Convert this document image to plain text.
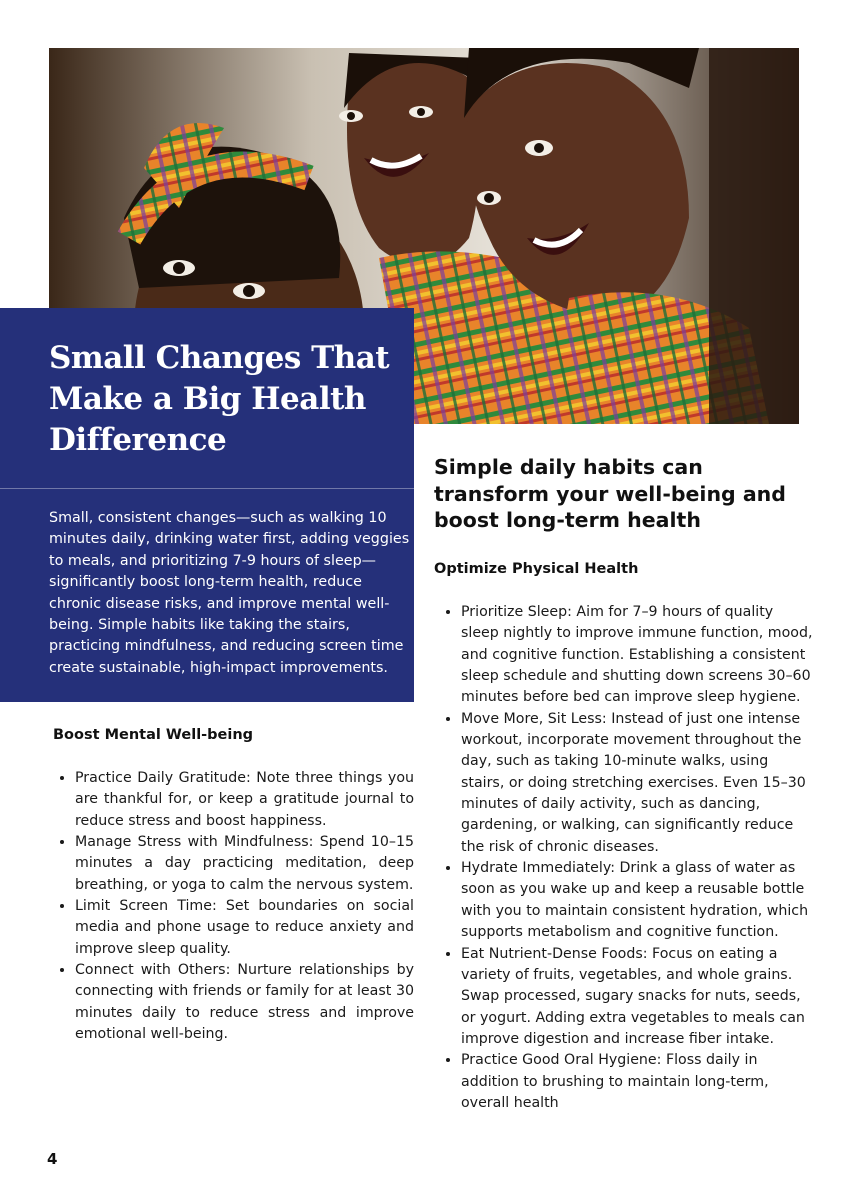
Small Changes That Make a Big Health Difference

Small, consistent changes—such as walking 10 minutes daily, drinking water first, adding veggies to meals, and prioritizing 7-9 hours of sleep—significantly boost long-term health, reduce chronic disease risks, and improve mental well-being. Simple habits like taking the stairs, practicing mindfulness, and reducing screen time create sustainable, high-impact improvements.

Simple daily habits can transform your well-being and boost long-term health
Optimize Physical Health
• Prioritize Sleep: Aim for 7–9 hours of quality sleep nightly to improve immune function, mood, and cognitive function. Establishing a consistent sleep schedule and shutting down screens 30–60 minutes before bed can improve sleep hygiene.
• Move More, Sit Less: Instead of just one intense workout, incorporate movement throughout the day, such as taking 10-minute walks, using stairs, or doing stretching exercises. Even 15–30 minutes of daily activity, such as dancing, gardening, or walking, can significantly reduce the risk of chronic diseases.
• Hydrate Immediately: Drink a glass of water as soon as you wake up and keep a reusable bottle with you to maintain consistent hydration, which supports metabolism and cognitive function.
• Eat Nutrient-Dense Foods: Focus on eating a variety of fruits, vegetables, and whole grains. Swap processed, sugary snacks for nuts, seeds, or yogurt. Adding extra vegetables to meals can improve digestion and increase fiber intake.
• Practice Good Oral Hygiene: Floss daily in addition to brushing to maintain long-term, overall health
Boost Mental Well-being
• Practice Daily Gratitude: Note three things you are thankful for, or keep a gratitude journal to reduce stress and boost happiness.
• Manage Stress with Mindfulness: Spend 10–15 minutes a day practicing meditation, deep breathing, or yoga to calm the nervous system.
• Limit Screen Time: Set boundaries on social media and phone usage to reduce anxiety and improve sleep quality.
• Connect with Others: Nurture relationships by connecting with friends or family for at least 30 minutes daily to reduce stress and improve emotional well-being.

4
